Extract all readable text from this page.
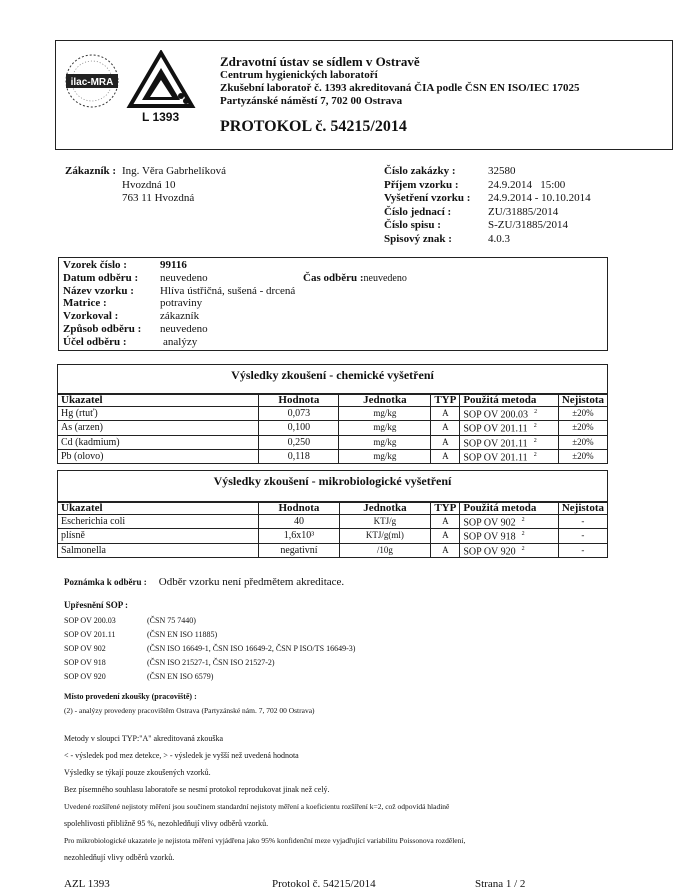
ilac-MRA
L 1393
Zdravotní ústav se sídlem v Ostravě
Centrum hygienických laboratoří
Zkušební laboratoř č. 1393 akreditovaná ČIA podle ČSN EN ISO/IEC 17025
Partyzánské náměstí 7, 702 00 Ostrava
PROTOKOL č. 54215/2014
Zákazník : Ing. Věra Gabrhelíková
Hvozdná 10
763 11 Hvozdná
Číslo zakázky :	32580
Příjem vzorku :	24.9.2014   15:00
Vyšetření vzorku :	24.9.2014 - 10.10.2014
Číslo jednací :	ZU/31885/2014
Číslo spisu :	S-ZU/31885/2014
Spisový znak :	4.0.3
Vzorek číslo :	99116
Datum odběru :	neuvedeno
Název vzorku :	Hlíva ústřičná, sušená - drcená
Matrice :	potraviny
Vzorkoval :	zákazník
Způsob odběru :	neuvedeno
Účel odběru :	analýzy
Čas odběru :neuvedeno
Výsledky zkoušení - chemické vyšetření
Ukazatel	Hodnota	Jednotka	TYP	Použitá metoda	Nejistota
Hg (rtuť)	0,073	mg/kg	A	SOP OV 200.03 $^2$	±20%
As (arzen)	0,100	mg/kg	A	SOP OV 201.11 $^2$	±20%
Cd (kadmium)	0,250	mg/kg	A	SOP OV 201.11 $^2$	±20%
Pb (olovo)	0,118	mg/kg	A	SOP OV 201.11 $^2$	±20%
Výsledky zkoušení - mikrobiologické vyšetření
Ukazatel	Hodnota	Jednotka	TYP	Použitá metoda	Nejistota
Escherichia coli	40	KTJ/g	A	SOP OV 902 $^2$	-
plísně	1,6x10³	KTJ/g(ml)	A	SOP OV 918 $^2$	-
Salmonella	negativní	/10g	A	SOP OV 920 $^2$	-
Poznámka k odběru : Odběr vzorku není předmětem akreditace.
Upřesnění SOP :
SOP OV 200.03	(ČSN 75 7440)
SOP OV 201.11	(ČSN EN ISO 11885)
SOP OV 902	(ČSN ISO 16649-1, ČSN ISO 16649-2, ČSN P ISO/TS 16649-3)
SOP OV 918	(ČSN ISO 21527-1, ČSN ISO 21527-2)
SOP OV 920	(ČSN EN ISO 6579)
Místo provedení zkoušky (pracoviště) :
(2) - analýzy provedeny pracovištěm Ostrava (Partyzánské nám. 7, 702 00 Ostrava)
Metody v sloupci TYP:"A" akreditovaná zkouška
< - výsledek pod mez detekce, > - výsledek je vyšší než uvedená hodnota
Výsledky se týkají pouze zkoušených vzorků.
Bez písemného souhlasu laboratoře se nesmí protokol reprodukovat jinak než celý.
Uvedené rozšířené nejistoty měření jsou součinem standardní nejistoty měření a koeficientu rozšíření k=2, což odpovídá hladině
spolehlivosti přibližně 95 %, nezohledňují vlivy odběrů vzorků.
Pro mikrobiologické ukazatele je nejistota měření vyjádřena jako 95% konfidenční meze vyjadřující variabilitu Poissonova rozdělení,
nezohledňují vlivy odběrů vzorků.
AZL 1393	Protokol č. 54215/2014	Strana 1 / 2
